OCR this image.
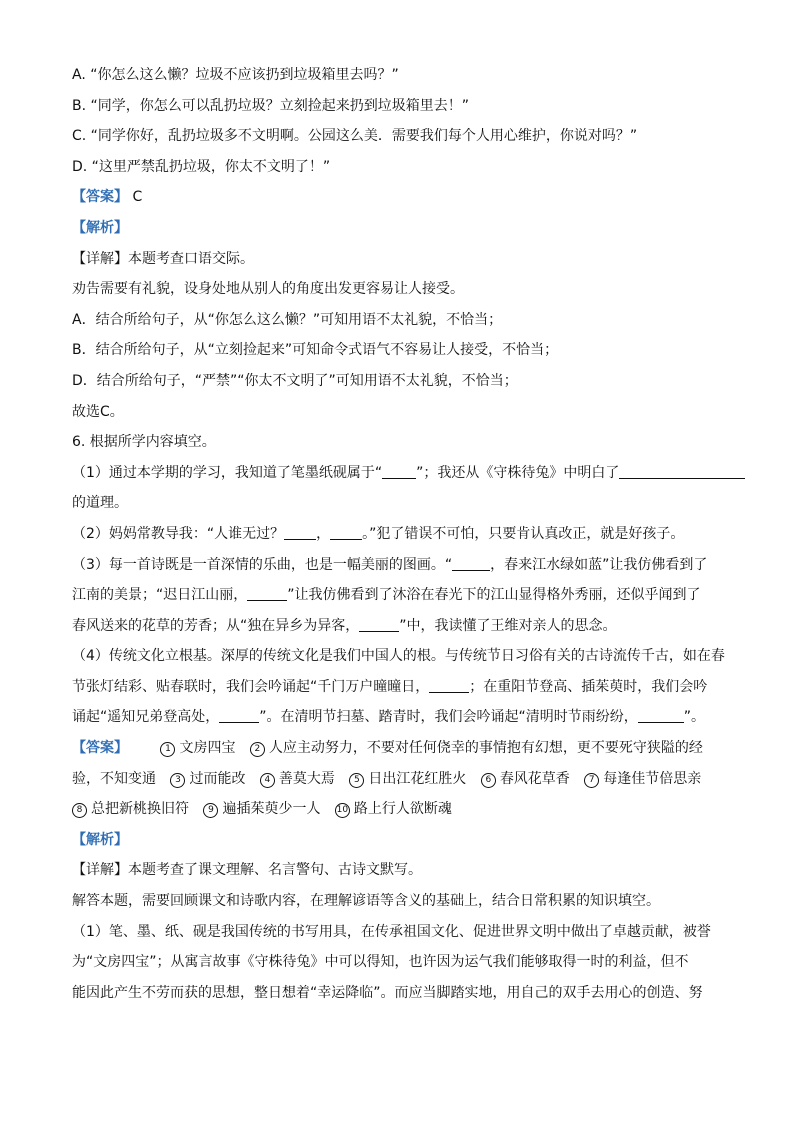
A. “你怎么这么懒？垃圾不应该扔到垃圾箱里去吗？”
B. “同学，你怎么可以乱扔垃圾？立刻捡起来扔到垃圾箱里去！”
C. “同学你好，乱扔垃圾多不文明啊。公园这么美．需要我们每个人用心维护，你说对吗？”
D. “这里严禁乱扔垃圾，你太不文明了！”
【答案】 C
【解析】
【详解】本题考查口语交际。
劝告需要有礼貌，设身处地从别人的角度出发更容易让人接受。
A．结合所给句子，从“你怎么这么懒？”可知用语不太礼貌，不恰当；
B．结合所给句子，从“立刻捡起来”可知命令式语气不容易让人接受，不恰当；
D．结合所给句子，“严禁”“你太不文明了”可知用语不太礼貌，不恰当；
故选C。
6. 根据所学内容填空。
（1）通过本学期的学习，我知道了笔墨纸砚属于“ ”；我还从《守株待兔》中明白了
的道理。
（2）妈妈常教导我：“人谁无过？ ， 。”犯了错误不可怕，只要肯认真改正，就是好孩子。
（3）每一首诗既是一首深情的乐曲，也是一幅美丽的图画。“	，春来江水绿如蓝”让我仿佛看到了
江南的美景；“迟日江山丽，	”让我仿佛看到了沐浴在春光下的江山显得格外秀丽，还似乎闻到了
春风送来的花草的芳香；从“独在异乡为异客，	”中，我读懂了王维对亲人的思念。
（4）传统文化立根基。深厚的传统文化是我们中国人的根。与传统节日习俗有关的古诗流传千古，如在春
节张灯结彩、贴春联时，我们会吟诵起“千门万户曈曈日，	；在重阳节登高、插茱萸时，我们会吟
诵起“遥知兄弟登高处，	”。在清明节扫墓、踏青时，我们会吟诵起“清明时节雨纷纷，	”。
【答案】	1 文房四宝 2 人应主动努力，不要对任何侥幸的事情抱有幻想，更不要死守狭隘的经验，不知变通 3 过而能改 4 善莫大焉 5 日出江花红胜火 6 春风花草香 7 每逢佳节倍思亲 8 总把新桃换旧符 9 遍插茱萸少一人 10 路上行人欲断魂
【解析】
【详解】本题考查了课文理解、名言警句、古诗文默写。
解答本题，需要回顾课文和诗歌内容，在理解谚语等含义的基础上，结合日常积累的知识填空。
（1）笔、墨、纸、砚是我国传统的书写用具，在传承祖国文化、促进世界文明中做出了卓越贡献，被誉
为“文房四宝”；从寓言故事《守株待兔》中可以得知，也许因为运气我们能够取得一时的利益，但不
能因此产生不劳而获的思想，整日想着“幸运降临”。而应当脚踏实地，用自己的双手去用心的创造、努
